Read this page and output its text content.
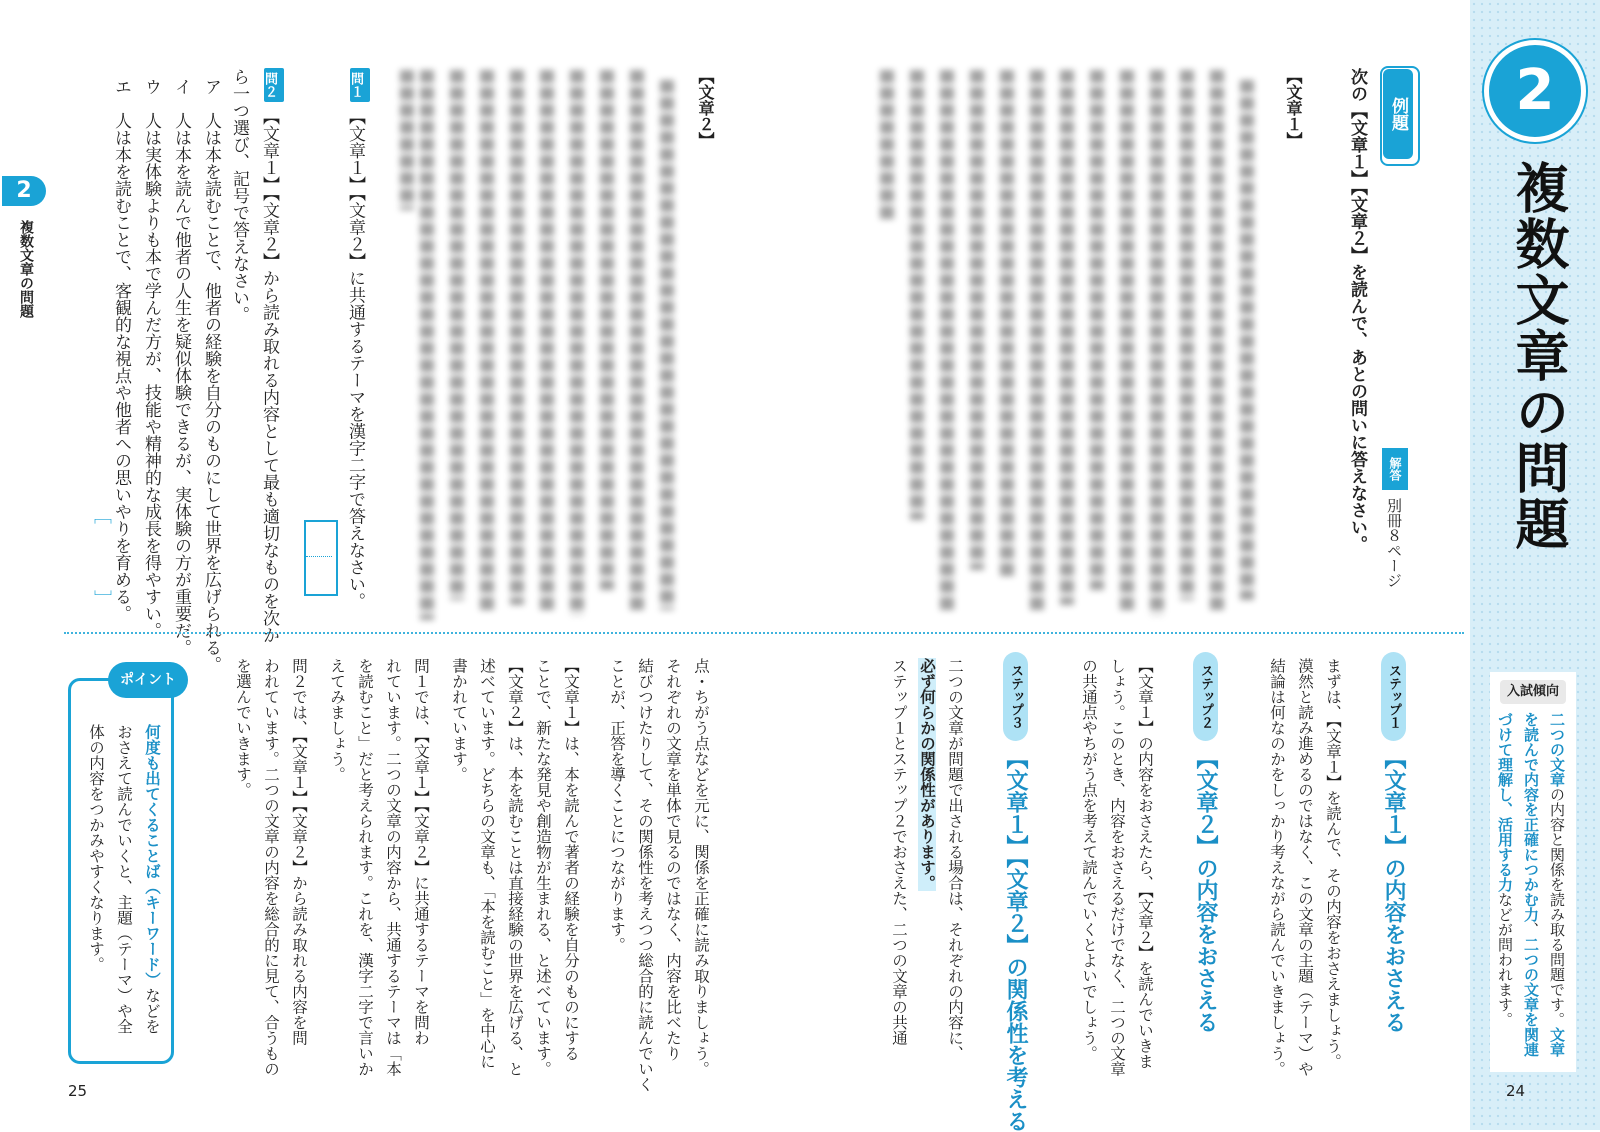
2
複数文章の問題
入試傾向
二つの文章の内容と関係を読み取る問題です。文章を読んで内容を正確につかむ力、二つの文章を関連づけて理解し、活用する力などが問われます。
2
複数文章の問題
例題
次の【文章１】【文章２】を読んで、あとの問いに答えなさい。	解答
別冊８ページ
【文章１】
【文章２】
問１【文章１】【文章２】に共通するテーマを漢字二字で答えなさい。
問２【文章１】【文章２】から読み取れる内容として最も適切なものを次か
ら一つ選び、記号で答えなさい。
ア　人は本を読むことで、他者の経験を自分のものにして世界を広げられる。
イ　人は本を読んで他者の人生を疑似体験できるが、実体験の方が重要だ。
ウ　人は実体験よりも本で学んだ方が、技能や精神的な成長を得やすい。
エ　人は本を読むことで、客観的な視点や他者への思いやりを育める。
［
］
ステップ１【文章１】の内容をおさえる
まずは、【文章１】を読んで、その内容をおさえましょう。
漠然と読み進めるのではなく、この文章の主題（テーマ）や
結論は何なのかをしっかり考えながら読んでいきましょう。
ステップ２【文章２】の内容をおさえる
【文章１】の内容をおさえたら、【文章２】を読んでいきま
しょう。このとき、内容をおさえるだけでなく、二つの文章
の共通点やちがう点を考えて読んでいくとよいでしょう。
ステップ３【文章１】【文章２】の関係性を考える
二つの文章が問題で出される場合は、それぞれの内容に、
必ず何らかの関係性があります。
ステップ１とステップ２でおさえた、二つの文章の共通
点・ちがう点などを元に、関係を正確に読み取りましょう。
それぞれの文章を単体で見るのではなく、内容を比べたり
結びつけたりして、その関係性を考えつつ総合的に読んでいく
ことが、正答を導くことにつながります。
【文章１】は、本を読んで著者の経験を自分のものにする
ことで、新たな発見や創造物が生まれる、と述べています。
【文章２】は、本を読むことは直接経験の世界を広げる、と
述べています。どちらの文章も、「本を読むこと」を中心に
書かれています。
問１では、【文章１】【文章２】に共通するテーマを問わ
れています。二つの文章の内容から、共通するテーマは「本
を読むこと」だと考えられます。これを、漢字二字で言いか
えてみましょう。
問２では、【文章１】【文章２】から読み取れる内容を問
われています。二つの文章の内容を総合的に見て、合うもの
を選んでいきます。
ポイント
何度も出てくることば（キーワード）などをおさえて読んでいくと、主題（テーマ）や全体の内容をつかみやすくなります。
25	24
